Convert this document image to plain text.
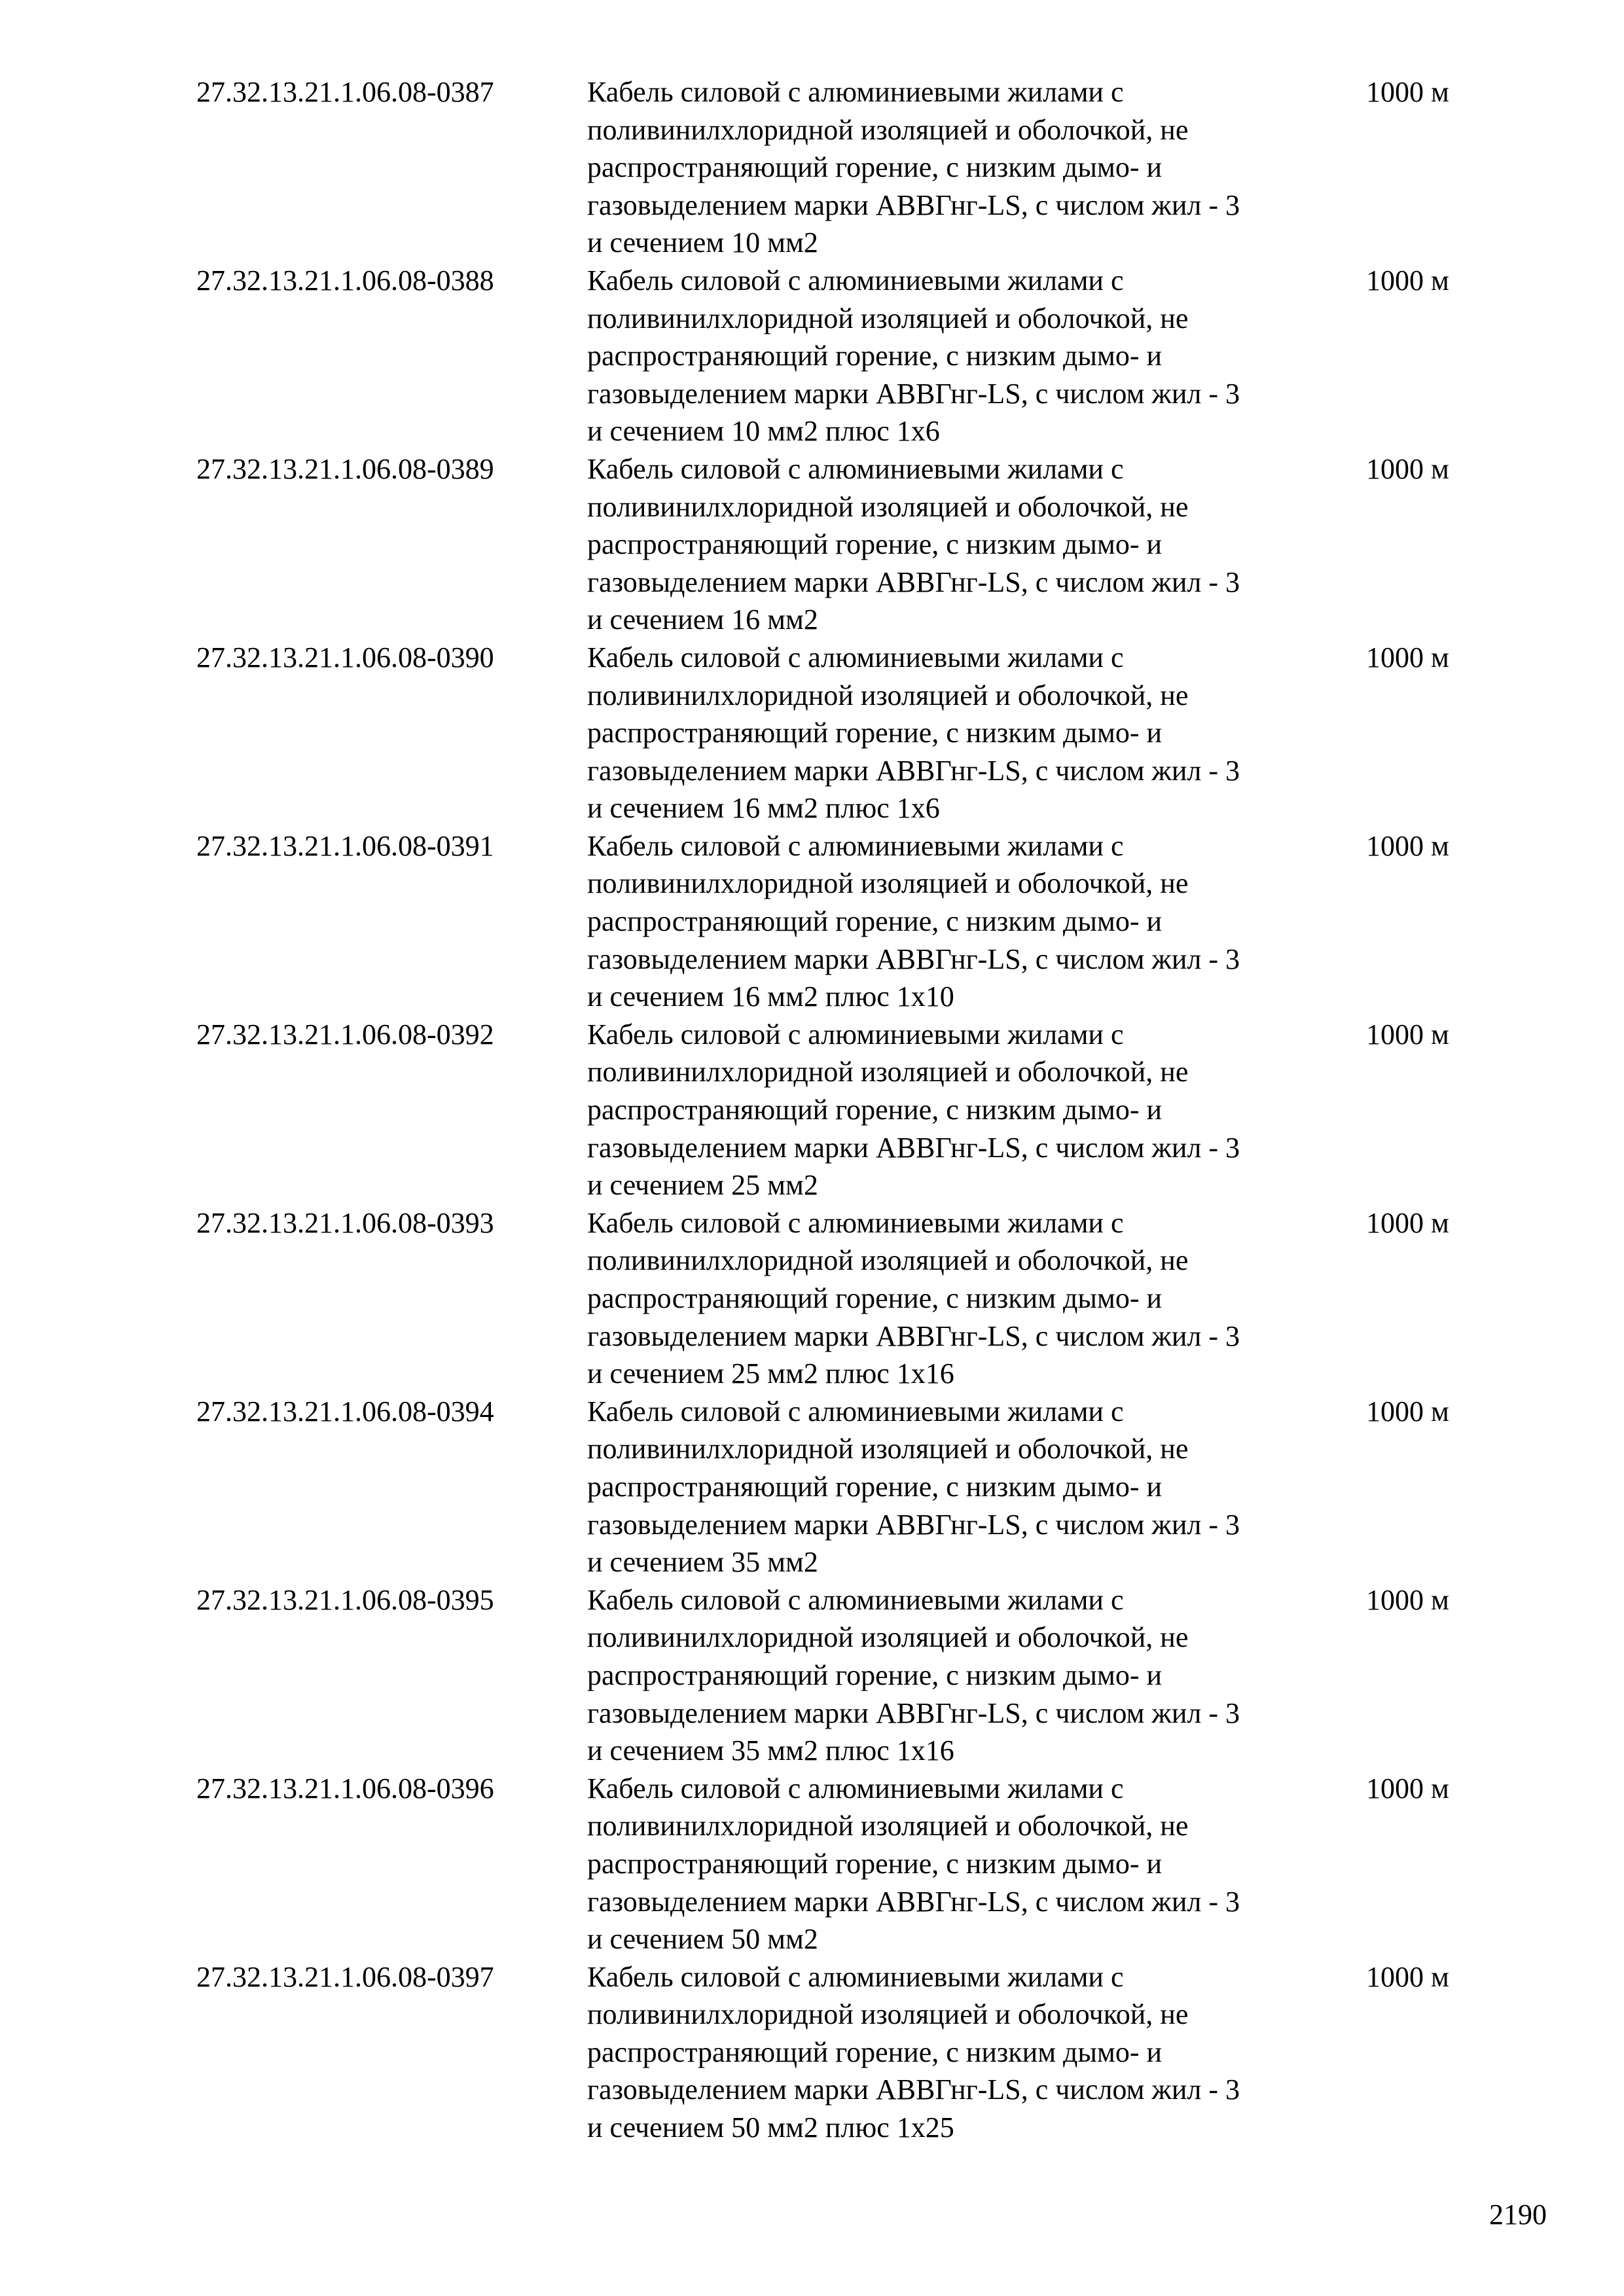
27.32.13.21.1.06.08-0387	Кабель силовой с алюминиевыми жилами с
поливинилхлоридной изоляцией и оболочкой, не
распространяющий горение, с низким дымо- и
газовыделением марки АВВГнг-LS, с числом жил - 3
и сечением 10 мм2
1000 м
27.32.13.21.1.06.08-0388	Кабель силовой с алюминиевыми жилами с
поливинилхлоридной изоляцией и оболочкой, не
распространяющий горение, с низким дымо- и
газовыделением марки АВВГнг-LS, с числом жил - 3
и сечением 10 мм2 плюс 1х6
1000 м
27.32.13.21.1.06.08-0389	Кабель силовой с алюминиевыми жилами с
поливинилхлоридной изоляцией и оболочкой, не
распространяющий горение, с низким дымо- и
газовыделением марки АВВГнг-LS, с числом жил - 3
и сечением 16 мм2
1000 м
27.32.13.21.1.06.08-0390	Кабель силовой с алюминиевыми жилами с
поливинилхлоридной изоляцией и оболочкой, не
распространяющий горение, с низким дымо- и
газовыделением марки АВВГнг-LS, с числом жил - 3
и сечением 16 мм2 плюс 1х6
1000 м
27.32.13.21.1.06.08-0391	Кабель силовой с алюминиевыми жилами с
поливинилхлоридной изоляцией и оболочкой, не
распространяющий горение, с низким дымо- и
газовыделением марки АВВГнг-LS, с числом жил - 3
и сечением 16 мм2 плюс 1х10
1000 м
27.32.13.21.1.06.08-0392	Кабель силовой с алюминиевыми жилами с
поливинилхлоридной изоляцией и оболочкой, не
распространяющий горение, с низким дымо- и
газовыделением марки АВВГнг-LS, с числом жил - 3
и сечением 25 мм2
1000 м
27.32.13.21.1.06.08-0393	Кабель силовой с алюминиевыми жилами с
поливинилхлоридной изоляцией и оболочкой, не
распространяющий горение, с низким дымо- и
газовыделением марки АВВГнг-LS, с числом жил - 3
и сечением 25 мм2 плюс 1х16
1000 м
27.32.13.21.1.06.08-0394	Кабель силовой с алюминиевыми жилами с
поливинилхлоридной изоляцией и оболочкой, не
распространяющий горение, с низким дымо- и
газовыделением марки АВВГнг-LS, с числом жил - 3
и сечением 35 мм2
1000 м
27.32.13.21.1.06.08-0395	Кабель силовой с алюминиевыми жилами с
поливинилхлоридной изоляцией и оболочкой, не
распространяющий горение, с низким дымо- и
газовыделением марки АВВГнг-LS, с числом жил - 3
и сечением 35 мм2 плюс 1х16
1000 м
27.32.13.21.1.06.08-0396	Кабель силовой с алюминиевыми жилами с
поливинилхлоридной изоляцией и оболочкой, не
распространяющий горение, с низким дымо- и
газовыделением марки АВВГнг-LS, с числом жил - 3
и сечением 50 мм2
1000 м
27.32.13.21.1.06.08-0397	Кабель силовой с алюминиевыми жилами с
поливинилхлоридной изоляцией и оболочкой, не
распространяющий горение, с низким дымо- и
газовыделением марки АВВГнг-LS, с числом жил - 3
и сечением 50 мм2 плюс 1х25
1000 м
2190
